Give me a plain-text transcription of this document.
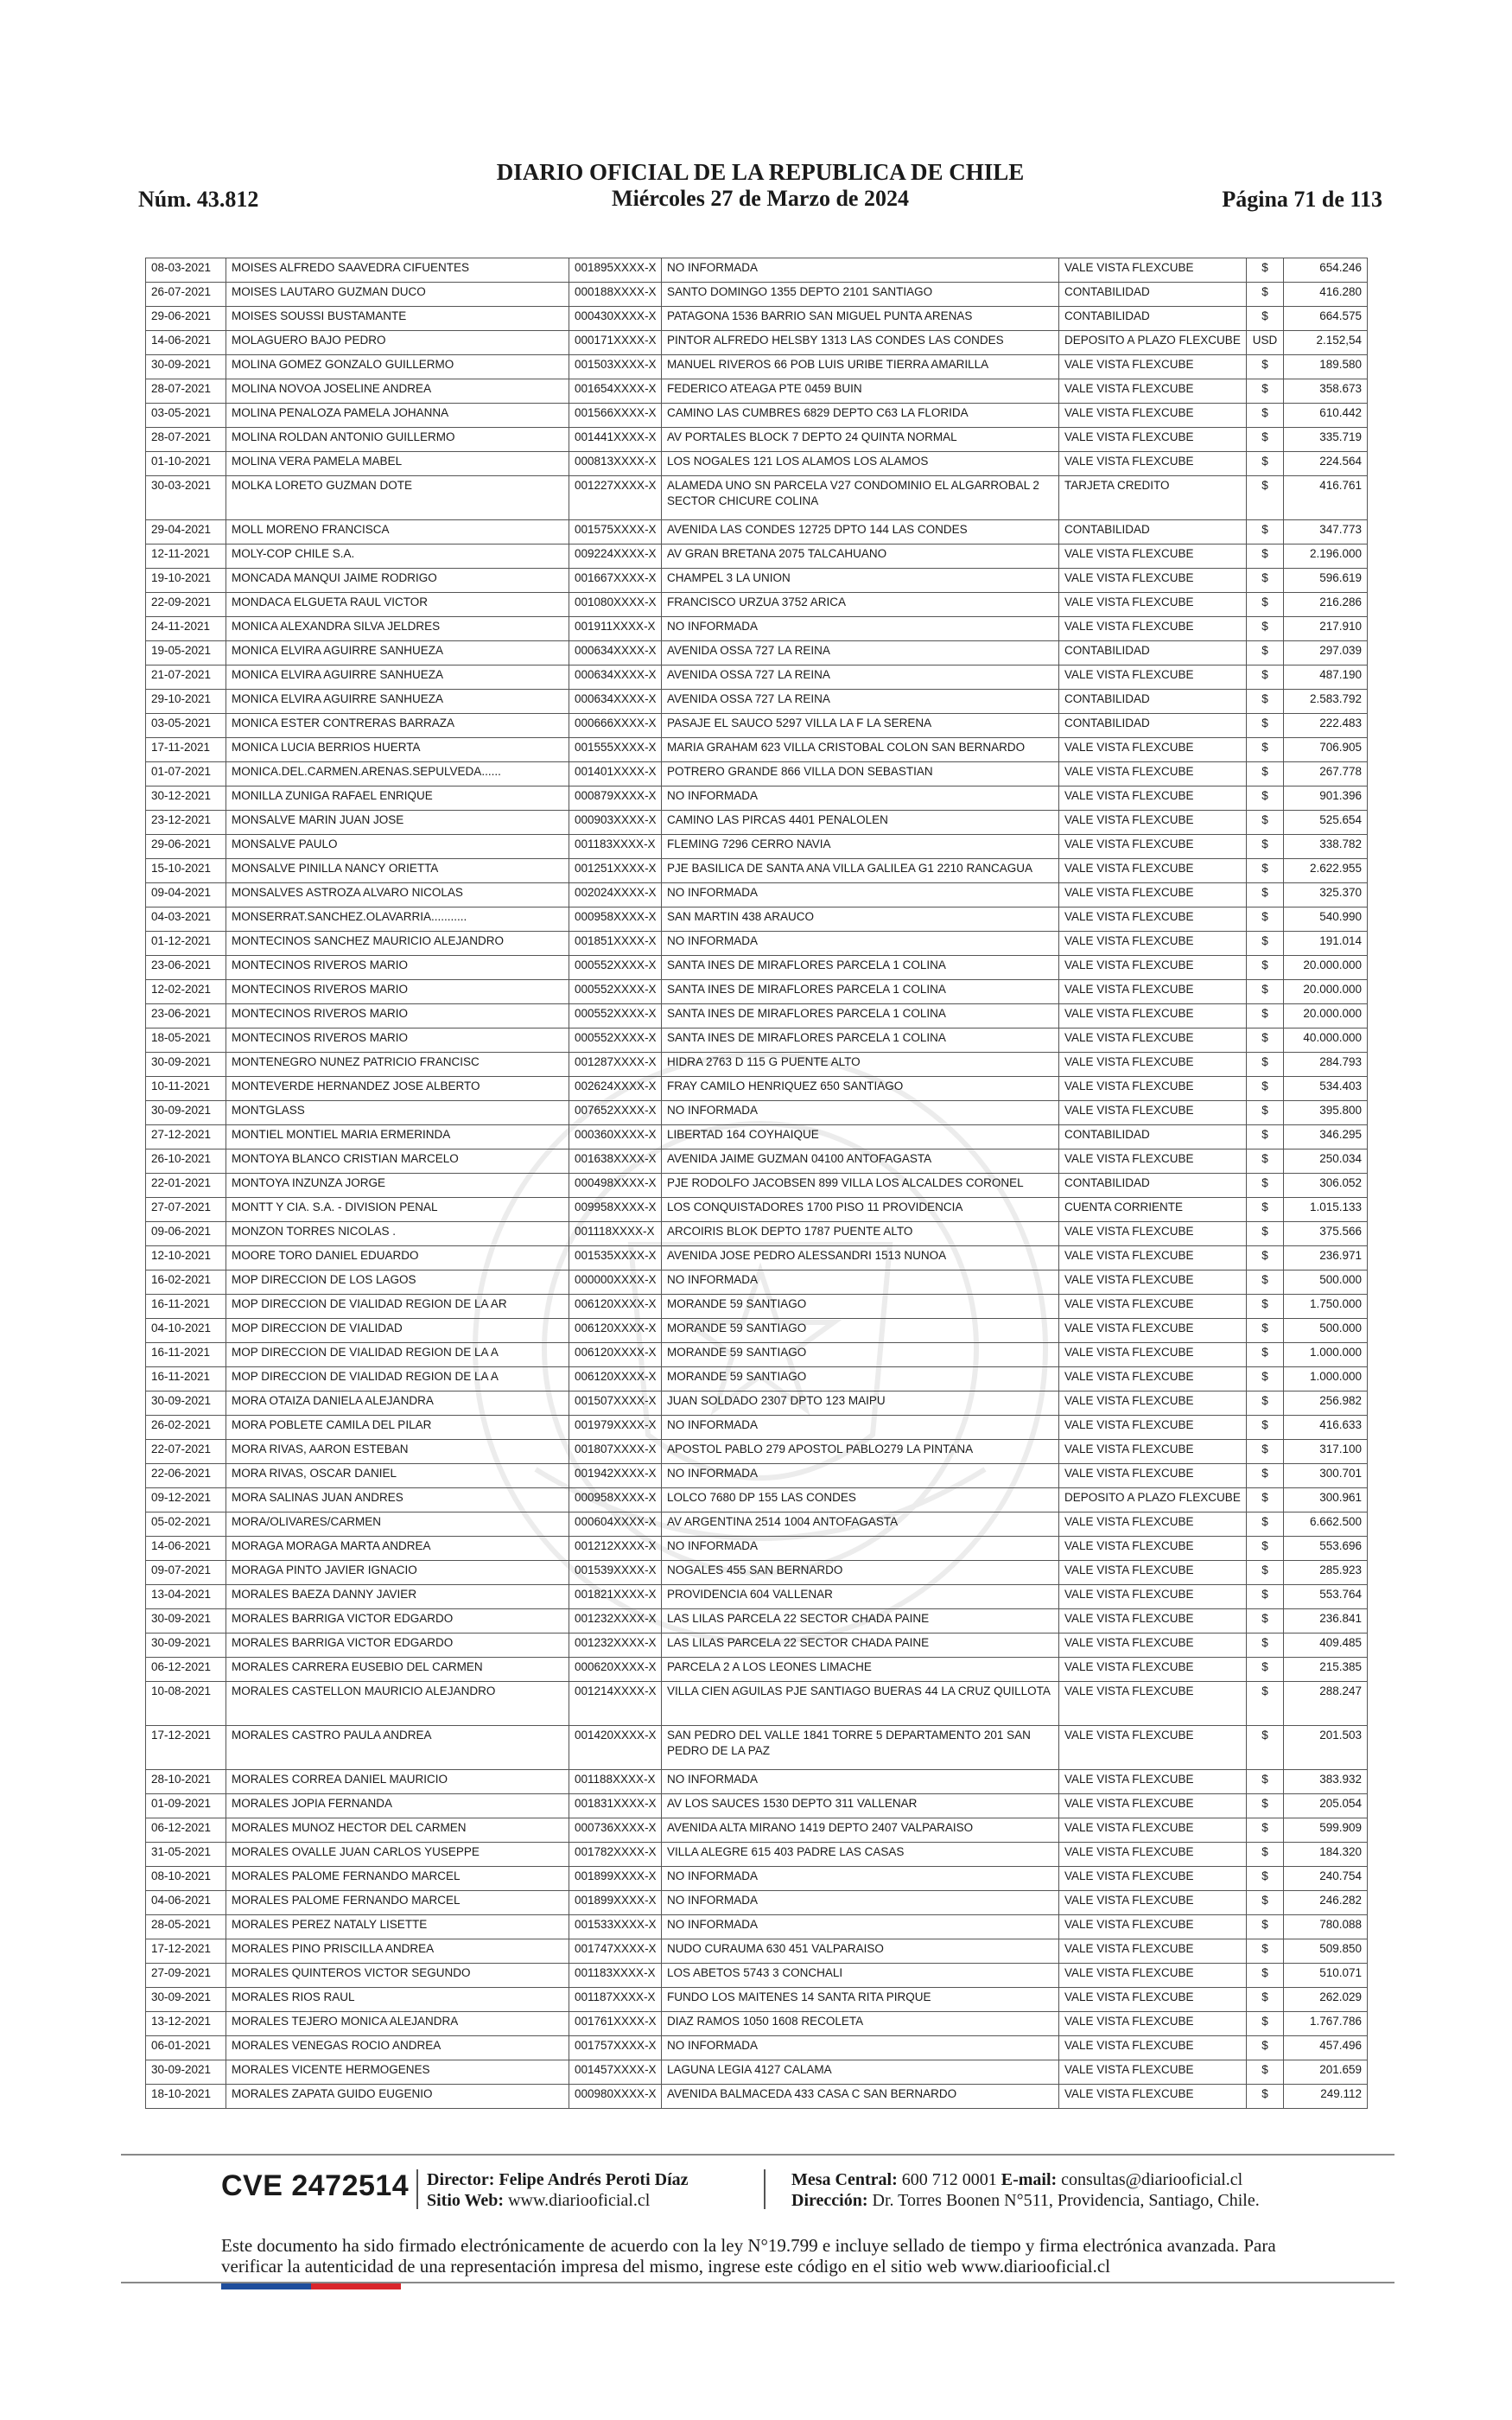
Núm. 43.812
DIARIO OFICIAL DE LA REPUBLICA DE CHILE
Miércoles 27 de Marzo de 2024	Página 71 de 113
08-03-2021	MOISES ALFREDO SAAVEDRA CIFUENTES	001895XXXX-X	NO INFORMADA	VALE VISTA FLEXCUBE	$	654.246
26-07-2021	MOISES LAUTARO GUZMAN DUCO	000188XXXX-X	SANTO DOMINGO 1355 DEPTO 2101 SANTIAGO	CONTABILIDAD	$	416.280
29-06-2021	MOISES SOUSSI BUSTAMANTE	000430XXXX-X	PATAGONA 1536 BARRIO SAN MIGUEL PUNTA ARENAS	CONTABILIDAD	$	664.575
14-06-2021	MOLAGUERO BAJO PEDRO	000171XXXX-X	PINTOR ALFREDO HELSBY 1313 LAS CONDES LAS CONDES	DEPOSITO A PLAZO FLEXCUBE	USD	2.152,54
30-09-2021	MOLINA GOMEZ GONZALO GUILLERMO	001503XXXX-X	MANUEL RIVEROS 66 POB LUIS URIBE TIERRA AMARILLA	VALE VISTA FLEXCUBE	$	189.580
28-07-2021	MOLINA NOVOA JOSELINE ANDREA	001654XXXX-X	FEDERICO ATEAGA PTE 0459 BUIN	VALE VISTA FLEXCUBE	$	358.673
03-05-2021	MOLINA PENALOZA PAMELA JOHANNA	001566XXXX-X	CAMINO LAS CUMBRES 6829 DEPTO C63 LA FLORIDA	VALE VISTA FLEXCUBE	$	610.442
28-07-2021	MOLINA ROLDAN ANTONIO GUILLERMO	001441XXXX-X	AV PORTALES BLOCK 7 DEPTO 24 QUINTA NORMAL	VALE VISTA FLEXCUBE	$	335.719
01-10-2021	MOLINA VERA PAMELA MABEL	000813XXXX-X	LOS NOGALES 121 LOS ALAMOS LOS ALAMOS	VALE VISTA FLEXCUBE	$	224.564
30-03-2021	MOLKA LORETO GUZMAN DOTE	001227XXXX-X	ALAMEDA UNO SN PARCELA V27 CONDOMINIO EL ALGARROBAL 2 SECTOR CHICURE COLINA	TARJETA CREDITO	$	416.761
29-04-2021	MOLL MORENO FRANCISCA	001575XXXX-X	AVENIDA LAS CONDES 12725 DPTO 144 LAS CONDES	CONTABILIDAD	$	347.773
12-11-2021	MOLY-COP CHILE S.A.	009224XXXX-X	AV GRAN BRETANA 2075 TALCAHUANO	VALE VISTA FLEXCUBE	$	2.196.000
19-10-2021	MONCADA MANQUI JAIME RODRIGO	001667XXXX-X	CHAMPEL 3 LA UNION	VALE VISTA FLEXCUBE	$	596.619
22-09-2021	MONDACA ELGUETA RAUL VICTOR	001080XXXX-X	FRANCISCO URZUA 3752 ARICA	VALE VISTA FLEXCUBE	$	216.286
24-11-2021	MONICA ALEXANDRA SILVA JELDRES	001911XXXX-X	NO INFORMADA	VALE VISTA FLEXCUBE	$	217.910
19-05-2021	MONICA ELVIRA AGUIRRE SANHUEZA	000634XXXX-X	AVENIDA OSSA 727 LA REINA	CONTABILIDAD	$	297.039
21-07-2021	MONICA ELVIRA AGUIRRE SANHUEZA	000634XXXX-X	AVENIDA OSSA 727 LA REINA	VALE VISTA FLEXCUBE	$	487.190
29-10-2021	MONICA ELVIRA AGUIRRE SANHUEZA	000634XXXX-X	AVENIDA OSSA 727 LA REINA	CONTABILIDAD	$	2.583.792
03-05-2021	MONICA ESTER CONTRERAS BARRAZA	000666XXXX-X	PASAJE EL SAUCO 5297 VILLA LA F LA SERENA	CONTABILIDAD	$	222.483
17-11-2021	MONICA LUCIA BERRIOS HUERTA	001555XXXX-X	MARIA GRAHAM 623 VILLA CRISTOBAL COLON SAN BERNARDO	VALE VISTA FLEXCUBE	$	706.905
01-07-2021	MONICA.DEL.CARMEN.ARENAS.SEPULVEDA......	001401XXXX-X	POTRERO GRANDE 866 VILLA DON SEBASTIAN	VALE VISTA FLEXCUBE	$	267.778
30-12-2021	MONILLA ZUNIGA RAFAEL ENRIQUE	000879XXXX-X	NO INFORMADA	VALE VISTA FLEXCUBE	$	901.396
23-12-2021	MONSALVE MARIN JUAN JOSE	000903XXXX-X	CAMINO LAS PIRCAS 4401 PENALOLEN	VALE VISTA FLEXCUBE	$	525.654
29-06-2021	MONSALVE PAULO	001183XXXX-X	FLEMING 7296 CERRO NAVIA	VALE VISTA FLEXCUBE	$	338.782
15-10-2021	MONSALVE PINILLA NANCY ORIETTA	001251XXXX-X	PJE BASILICA DE SANTA ANA VILLA GALILEA G1 2210 RANCAGUA	VALE VISTA FLEXCUBE	$	2.622.955
09-04-2021	MONSALVES ASTROZA ALVARO NICOLAS	002024XXXX-X	NO INFORMADA	VALE VISTA FLEXCUBE	$	325.370
04-03-2021	MONSERRAT.SANCHEZ.OLAVARRIA...........	000958XXXX-X	SAN MARTIN 438 ARAUCO	VALE VISTA FLEXCUBE	$	540.990
01-12-2021	MONTECINOS SANCHEZ MAURICIO ALEJANDRO	001851XXXX-X	NO INFORMADA	VALE VISTA FLEXCUBE	$	191.014
23-06-2021	MONTECINOS RIVEROS MARIO	000552XXXX-X	SANTA INES DE MIRAFLORES PARCELA 1 COLINA	VALE VISTA FLEXCUBE	$	20.000.000
12-02-2021	MONTECINOS RIVEROS MARIO	000552XXXX-X	SANTA INES DE MIRAFLORES PARCELA 1 COLINA	VALE VISTA FLEXCUBE	$	20.000.000
23-06-2021	MONTECINOS RIVEROS MARIO	000552XXXX-X	SANTA INES DE MIRAFLORES PARCELA 1 COLINA	VALE VISTA FLEXCUBE	$	20.000.000
18-05-2021	MONTECINOS RIVEROS MARIO	000552XXXX-X	SANTA INES DE MIRAFLORES PARCELA 1 COLINA	VALE VISTA FLEXCUBE	$	40.000.000
30-09-2021	MONTENEGRO NUNEZ PATRICIO FRANCISC	001287XXXX-X	HIDRA 2763 D 115 G PUENTE ALTO	VALE VISTA FLEXCUBE	$	284.793
10-11-2021	MONTEVERDE HERNANDEZ JOSE ALBERTO	002624XXXX-X	FRAY CAMILO HENRIQUEZ 650 SANTIAGO	VALE VISTA FLEXCUBE	$	534.403
30-09-2021	MONTGLASS	007652XXXX-X	NO INFORMADA	VALE VISTA FLEXCUBE	$	395.800
27-12-2021	MONTIEL MONTIEL MARIA ERMERINDA	000360XXXX-X	LIBERTAD 164 COYHAIQUE	CONTABILIDAD	$	346.295
26-10-2021	MONTOYA BLANCO CRISTIAN MARCELO	001638XXXX-X	AVENIDA JAIME GUZMAN 04100 ANTOFAGASTA	VALE VISTA FLEXCUBE	$	250.034
22-01-2021	MONTOYA INZUNZA JORGE	000498XXXX-X	PJE RODOLFO JACOBSEN 899 VILLA LOS ALCALDES CORONEL	CONTABILIDAD	$	306.052
27-07-2021	MONTT Y CIA. S.A. - DIVISION PENAL	009958XXXX-X	LOS CONQUISTADORES 1700 PISO 11 PROVIDENCIA	CUENTA CORRIENTE	$	1.015.133
09-06-2021	MONZON TORRES NICOLAS .	001118XXXX-X	ARCOIRIS BLOK DEPTO 1787 PUENTE ALTO	VALE VISTA FLEXCUBE	$	375.566
12-10-2021	MOORE TORO DANIEL EDUARDO	001535XXXX-X	AVENIDA JOSE PEDRO ALESSANDRI 1513 NUNOA	VALE VISTA FLEXCUBE	$	236.971
16-02-2021	MOP DIRECCION DE LOS LAGOS	000000XXXX-X	NO INFORMADA	VALE VISTA FLEXCUBE	$	500.000
16-11-2021	MOP DIRECCION DE VIALIDAD REGION DE LA AR	006120XXXX-X	MORANDE 59 SANTIAGO	VALE VISTA FLEXCUBE	$	1.750.000
04-10-2021	MOP DIRECCION DE VIALIDAD	006120XXXX-X	MORANDE 59 SANTIAGO	VALE VISTA FLEXCUBE	$	500.000
16-11-2021	MOP DIRECCION DE VIALIDAD REGION DE LA A	006120XXXX-X	MORANDE 59 SANTIAGO	VALE VISTA FLEXCUBE	$	1.000.000
16-11-2021	MOP DIRECCION DE VIALIDAD REGION DE LA A	006120XXXX-X	MORANDE 59 SANTIAGO	VALE VISTA FLEXCUBE	$	1.000.000
30-09-2021	MORA OTAIZA DANIELA ALEJANDRA	001507XXXX-X	JUAN SOLDADO 2307 DPTO 123 MAIPU	VALE VISTA FLEXCUBE	$	256.982
26-02-2021	MORA POBLETE CAMILA DEL PILAR	001979XXXX-X	NO INFORMADA	VALE VISTA FLEXCUBE	$	416.633
22-07-2021	MORA RIVAS, AARON ESTEBAN	001807XXXX-X	APOSTOL PABLO 279 APOSTOL PABLO279 LA PINTANA	VALE VISTA FLEXCUBE	$	317.100
22-06-2021	MORA RIVAS, OSCAR DANIEL	001942XXXX-X	NO INFORMADA	VALE VISTA FLEXCUBE	$	300.701
09-12-2021	MORA SALINAS JUAN ANDRES	000958XXXX-X	LOLCO 7680 DP 155 LAS CONDES	DEPOSITO A PLAZO FLEXCUBE	$	300.961
05-02-2021	MORA/OLIVARES/CARMEN	000604XXXX-X	AV ARGENTINA 2514 1004 ANTOFAGASTA	VALE VISTA FLEXCUBE	$	6.662.500
14-06-2021	MORAGA MORAGA MARTA ANDREA	001212XXXX-X	NO INFORMADA	VALE VISTA FLEXCUBE	$	553.696
09-07-2021	MORAGA PINTO JAVIER IGNACIO	001539XXXX-X	NOGALES 455 SAN BERNARDO	VALE VISTA FLEXCUBE	$	285.923
13-04-2021	MORALES BAEZA DANNY JAVIER	001821XXXX-X	PROVIDENCIA 604 VALLENAR	VALE VISTA FLEXCUBE	$	553.764
30-09-2021	MORALES BARRIGA VICTOR EDGARDO	001232XXXX-X	LAS LILAS PARCELA 22 SECTOR CHADA PAINE	VALE VISTA FLEXCUBE	$	236.841
30-09-2021	MORALES BARRIGA VICTOR EDGARDO	001232XXXX-X	LAS LILAS PARCELA 22 SECTOR CHADA PAINE	VALE VISTA FLEXCUBE	$	409.485
06-12-2021	MORALES CARRERA EUSEBIO DEL CARMEN	000620XXXX-X	PARCELA 2 A LOS LEONES LIMACHE	VALE VISTA FLEXCUBE	$	215.385
10-08-2021	MORALES CASTELLON MAURICIO ALEJANDRO	001214XXXX-X	VILLA CIEN AGUILAS PJE SANTIAGO BUERAS 44 LA CRUZ QUILLOTA	VALE VISTA FLEXCUBE	$	288.247
17-12-2021	MORALES CASTRO PAULA ANDREA	001420XXXX-X	SAN PEDRO DEL VALLE 1841 TORRE 5 DEPARTAMENTO 201 SAN PEDRO DE LA PAZ	VALE VISTA FLEXCUBE	$	201.503
28-10-2021	MORALES CORREA DANIEL MAURICIO	001188XXXX-X	NO INFORMADA	VALE VISTA FLEXCUBE	$	383.932
01-09-2021	MORALES JOPIA FERNANDA	001831XXXX-X	AV LOS SAUCES 1530 DEPTO 311 VALLENAR	VALE VISTA FLEXCUBE	$	205.054
06-12-2021	MORALES MUNOZ HECTOR DEL CARMEN	000736XXXX-X	AVENIDA ALTA MIRANO 1419 DEPTO 2407 VALPARAISO	VALE VISTA FLEXCUBE	$	599.909
31-05-2021	MORALES OVALLE JUAN CARLOS YUSEPPE	001782XXXX-X	VILLA ALEGRE 615 403 PADRE LAS CASAS	VALE VISTA FLEXCUBE	$	184.320
08-10-2021	MORALES PALOME FERNANDO MARCEL	001899XXXX-X	NO INFORMADA	VALE VISTA FLEXCUBE	$	240.754
04-06-2021	MORALES PALOME FERNANDO MARCEL	001899XXXX-X	NO INFORMADA	VALE VISTA FLEXCUBE	$	246.282
28-05-2021	MORALES PEREZ NATALY LISETTE	001533XXXX-X	NO INFORMADA	VALE VISTA FLEXCUBE	$	780.088
17-12-2021	MORALES PINO PRISCILLA ANDREA	001747XXXX-X	NUDO CURAUMA 630 451 VALPARAISO	VALE VISTA FLEXCUBE	$	509.850
27-09-2021	MORALES QUINTEROS VICTOR SEGUNDO	001183XXXX-X	LOS ABETOS 5743 3 CONCHALI	VALE VISTA FLEXCUBE	$	510.071
30-09-2021	MORALES RIOS RAUL	001187XXXX-X	FUNDO LOS MAITENES 14 SANTA RITA PIRQUE	VALE VISTA FLEXCUBE	$	262.029
13-12-2021	MORALES TEJERO MONICA ALEJANDRA	001761XXXX-X	DIAZ RAMOS 1050 1608 RECOLETA	VALE VISTA FLEXCUBE	$	1.767.786
06-01-2021	MORALES VENEGAS ROCIO ANDREA	001757XXXX-X	NO INFORMADA	VALE VISTA FLEXCUBE	$	457.496
30-09-2021	MORALES VICENTE HERMOGENES	001457XXXX-X	LAGUNA LEGIA 4127 CALAMA	VALE VISTA FLEXCUBE	$	201.659
18-10-2021	MORALES ZAPATA GUIDO EUGENIO	000980XXXX-X	AVENIDA BALMACEDA 433 CASA C SAN BERNARDO	VALE VISTA FLEXCUBE	$	249.112
CVE 2472514 Director: Felipe Andrés Peroti Díaz
Sitio Web: www.diariooficial.cl
Mesa Central: 600 712 0001 E-mail: consultas@diariooficial.cl
Dirección: Dr. Torres Boonen N°511, Providencia, Santiago, Chile.
Este documento ha sido firmado electrónicamente de acuerdo con la ley N°19.799 e incluye sellado de tiempo y firma electrónica avanzada. Para verificar la autenticidad de una representación impresa del mismo, ingrese este código en el sitio web www.diariooficial.cl
